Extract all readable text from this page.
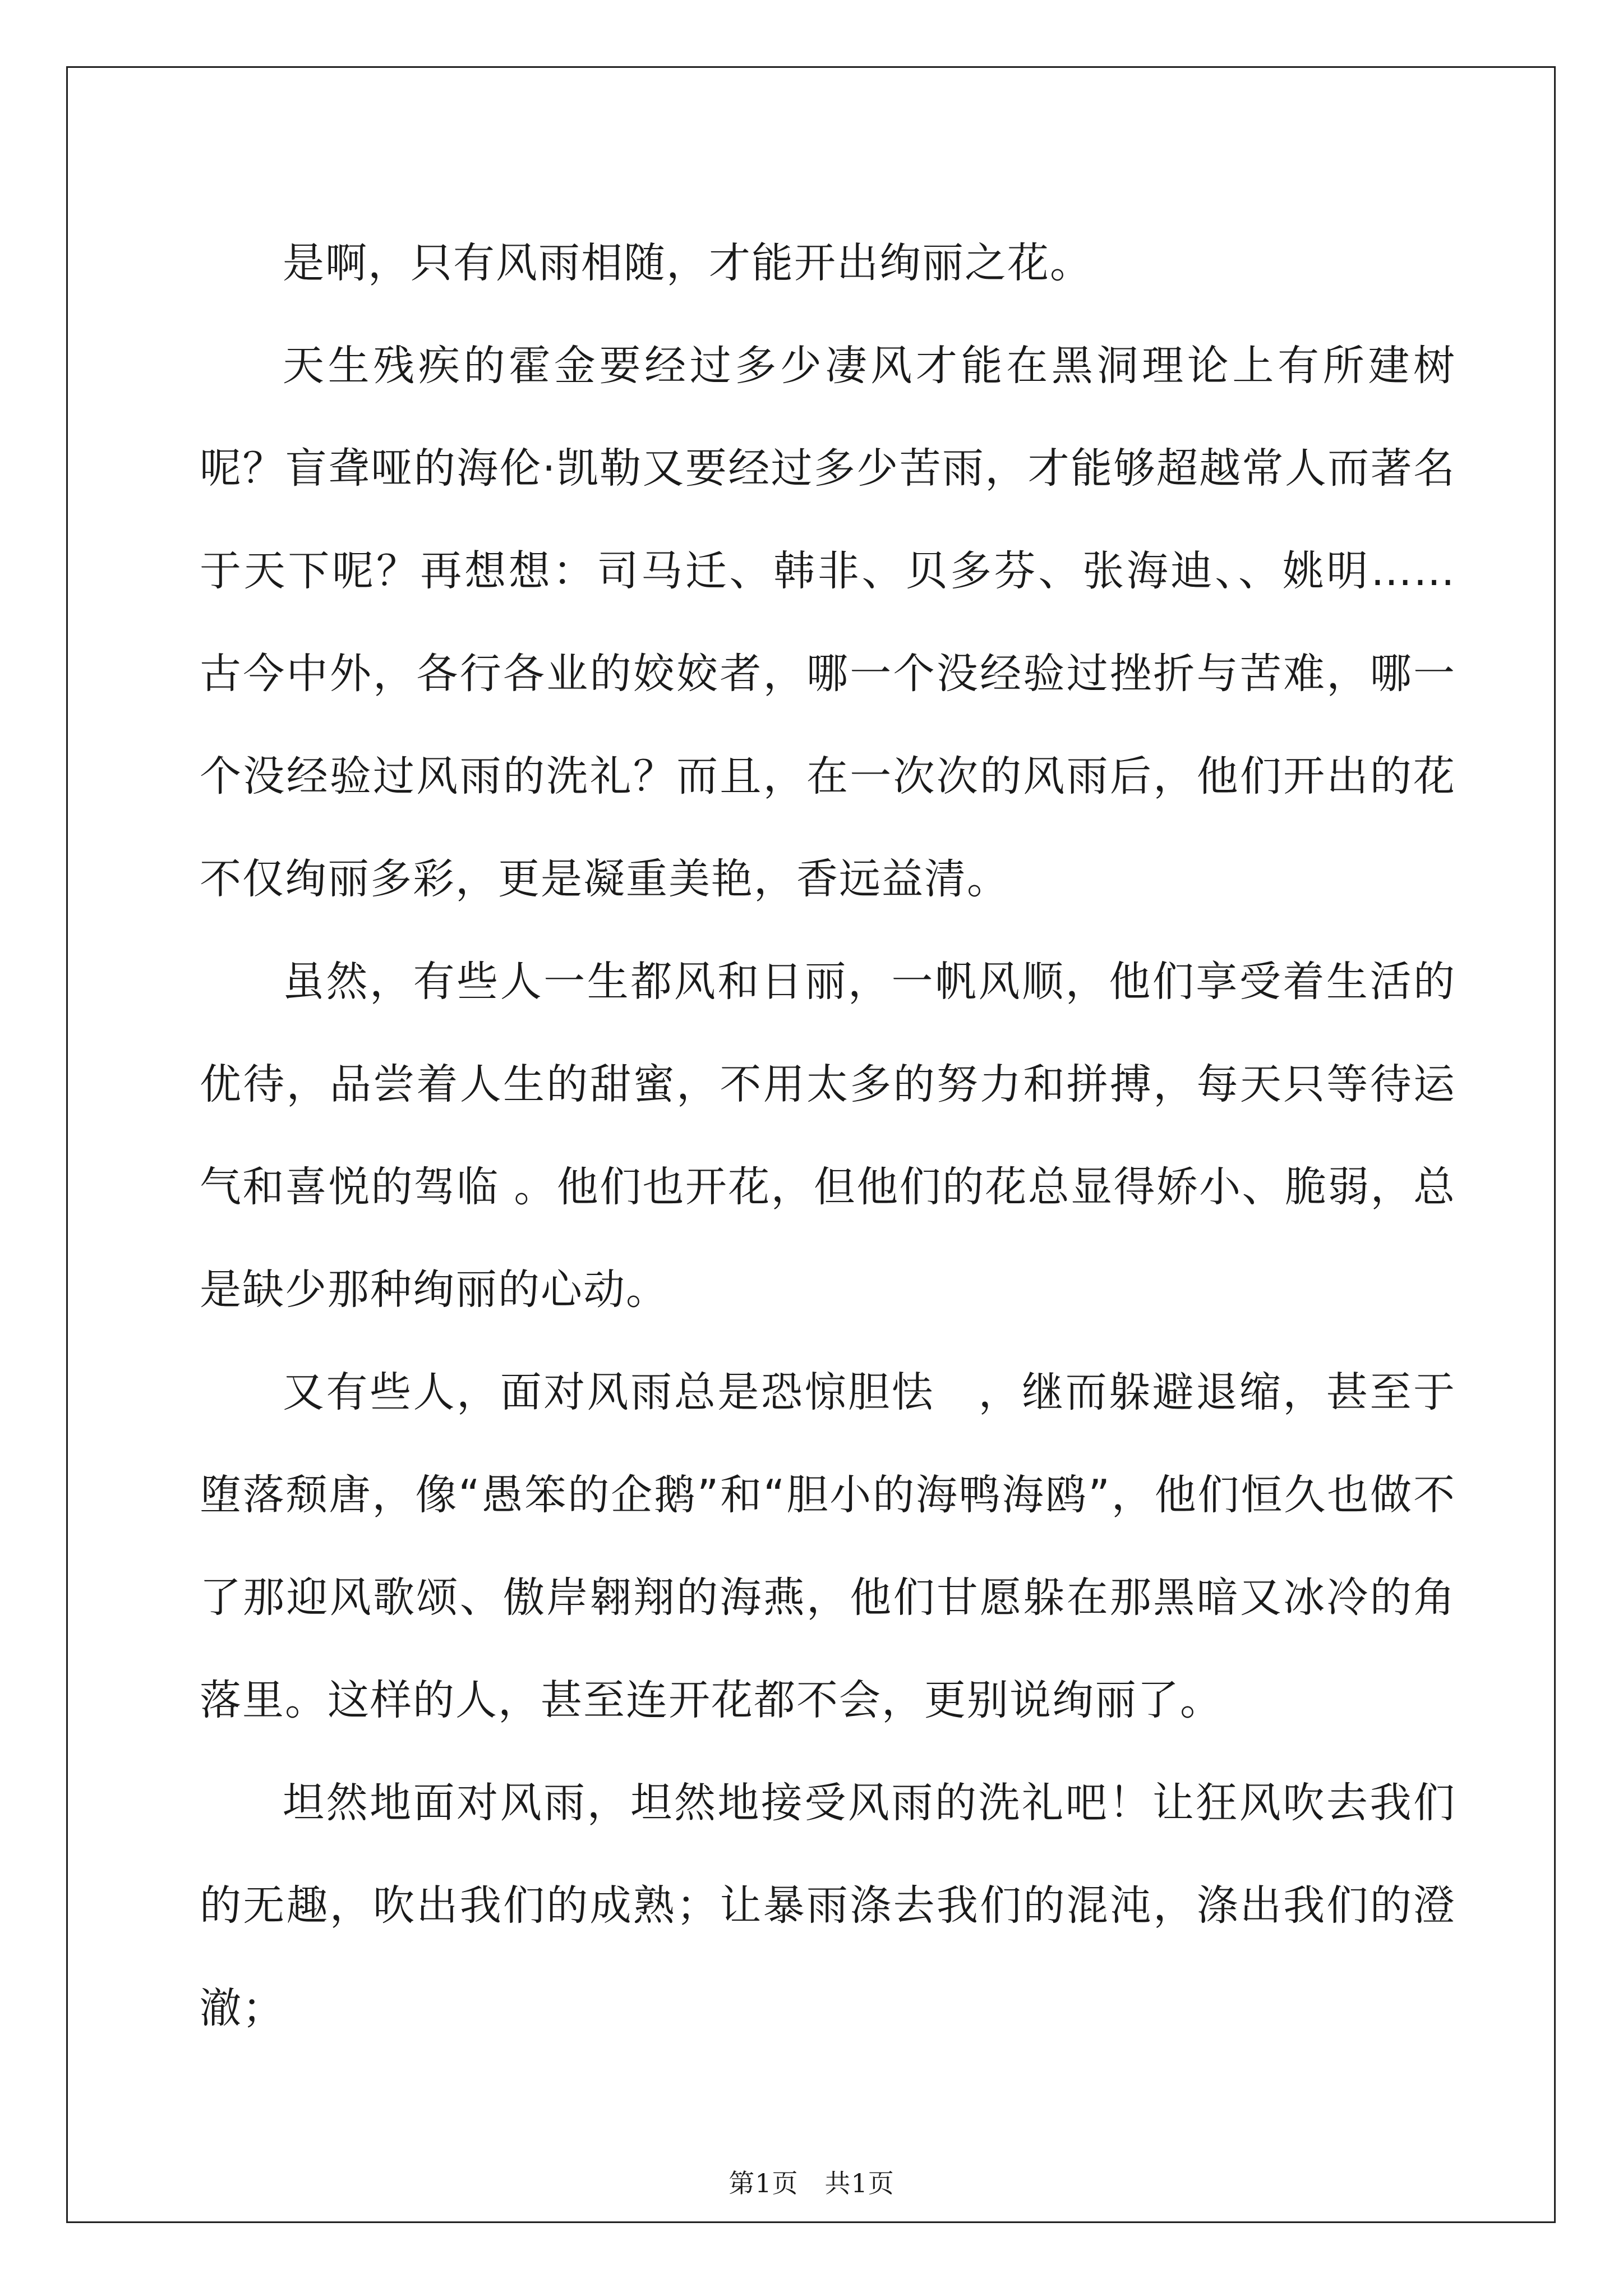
是啊，只有风雨相随，才能开出绚丽之花。

天生残疾的霍金要经过多少凄风才能在黑洞理论上有所建树呢？盲聋哑的海伦·凯勒又要经过多少苦雨，才能够超越常人而著名于天下呢？再想想：司马迁、韩非、贝多芬、张海迪、、姚明……古今中外，各行各业的姣姣者，哪一个没经验过挫折与苦难，哪一个没经验过风雨的洗礼？而且，在一次次的风雨后，他们开出的花不仅绚丽多彩，更是凝重美艳，香远益清。

虽然，有些人一生都风和日丽，一帆风顺，他们享受着生活的优待，品尝着人生的甜蜜，不用太多的努力和拼搏，每天只等待运气和喜悦的驾临 。他们也开花，但他们的花总显得娇小、脆弱，总是缺少那种绚丽的心动。

又有些人，面对风雨总是恐惊胆怯　，继而躲避退缩，甚至于堕落颓唐，像“愚笨的企鹅”和“胆小的海鸭海鸥”，他们恒久也做不了那迎风歌颂、傲岸翱翔的海燕，他们甘愿躲在那黑暗又冰冷的角落里。这样的人，甚至连开花都不会，更别说绚丽了。

坦然地面对风雨，坦然地接受风雨的洗礼吧！让狂风吹去我们的无趣，吹出我们的成熟；让暴雨涤去我们的混沌，涤出我们的澄澈；

第1页　共1页
